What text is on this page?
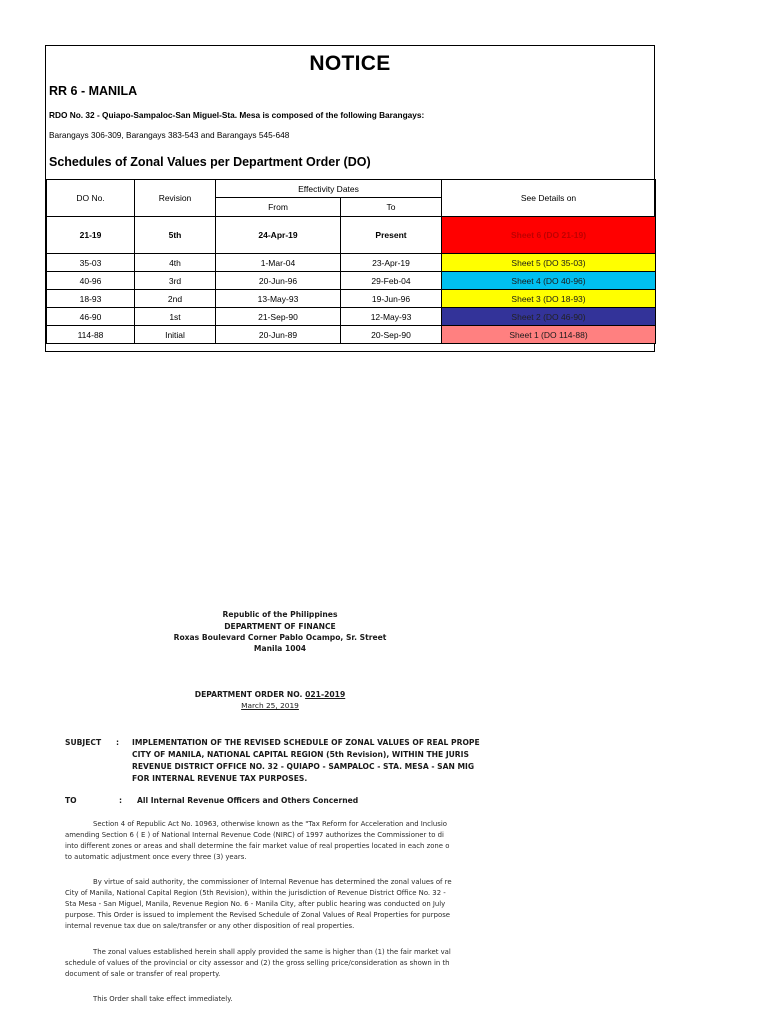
NOTICE
RR 6 - MANILA
RDO No. 32 - Quiapo-Sampaloc-San Miguel-Sta. Mesa is composed of the following Barangays:
Barangays 306-309, Barangays 383-543 and Barangays 545-648
Schedules of Zonal Values per Department Order (DO)
DO No.	Revision	Effectivity Dates		See Details on
		From	To	
21-19	5th	24-Apr-19	Present	Sheet 6 (DO 21-19)
35-03	4th	1-Mar-04	23-Apr-19	Sheet 5 (DO 35-03)
40-96	3rd	20-Jun-96	29-Feb-04	Sheet 4 (DO 40-96)
18-93	2nd	13-May-93	19-Jun-96	Sheet 3 (DO 18-93)
46-90	1st	21-Sep-90	12-May-93	Sheet 2 (DO 46-90)
114-88	Initial	20-Jun-89	20-Sep-90	Sheet 1 (DO 114-88)
Republic of the Philippines
DEPARTMENT OF FINANCE
Roxas Boulevard Corner Pablo Ocampo, Sr. Street
Manila 1004
DEPARTMENT ORDER NO. 021-2019
March 25, 2019
SUBJECT : IMPLEMENTATION OF THE REVISED SCHEDULE OF ZONAL VALUES OF REAL PROPE
CITY OF MANILA, NATIONAL CAPITAL REGION (5th Revision), WITHIN THE JURIS
REVENUE DISTRICT OFFICE NO. 32 - QUIAPO - SAMPALOC - STA. MESA - SAN MIG
FOR INTERNAL REVENUE TAX PURPOSES.
TO	: All Internal Revenue Officers and Others Concerned
Section 4 of Republic Act No. 10963, otherwise known as the "Tax Reform for Acceleration and Inclusio
amending Section 6 ( E ) of National Internal Revenue Code (NIRC) of 1997 authorizes the Commissioner to di
into different zones or areas and shall determine the fair market value of real properties located in each zone o
to automatic adjustment once every three (3) years.
By virtue of said authority, the commissioner of Internal Revenue has determined the zonal values of re
City of Manila, National Capital Region (5th Revision), within the jurisdiction of Revenue District Office No. 32 -
Sta Mesa - San Miguel, Manila, Revenue Region No. 6 - Manila City, after public hearing was conducted on July
purpose. This Order is issued to implement the Revised Schedule of Zonal Values of Real Properties for purpose
internal revenue tax due on sale/transfer or any other disposition of real properties.
The zonal values established herein shall apply provided the same is higher than (1) the fair market val
schedule of values of the provincial or city assessor and (2) the gross selling price/consideration as shown in th
document of sale or transfer of real property.
This Order shall take effect immediately.
